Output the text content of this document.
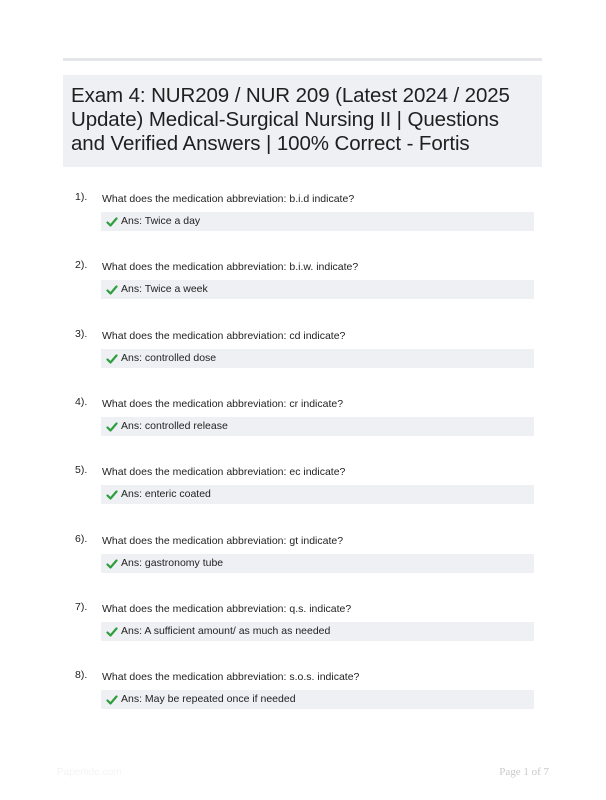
Exam 4: NUR209 / NUR 209 (Latest 2024 / 2025 Update) Medical-Surgical Nursing II | Questions and Verified Answers | 100% Correct - Fortis
1). What does the medication abbreviation: b.i.d indicate?
Ans: Twice a day
2). What does the medication abbreviation: b.i.w. indicate?
Ans: Twice a week
3). What does the medication abbreviation: cd indicate?
Ans: controlled dose
4). What does the medication abbreviation: cr indicate?
Ans: controlled release
5). What does the medication abbreviation: ec indicate?
Ans: enteric coated
6). What does the medication abbreviation: gt indicate?
Ans: gastronomy tube
7). What does the medication abbreviation: q.s. indicate?
Ans: A sufficient amount/ as much as needed
8). What does the medication abbreviation: s.o.s. indicate?
Ans: May be repeated once if needed
Papertide.com	Page 1 of 7
